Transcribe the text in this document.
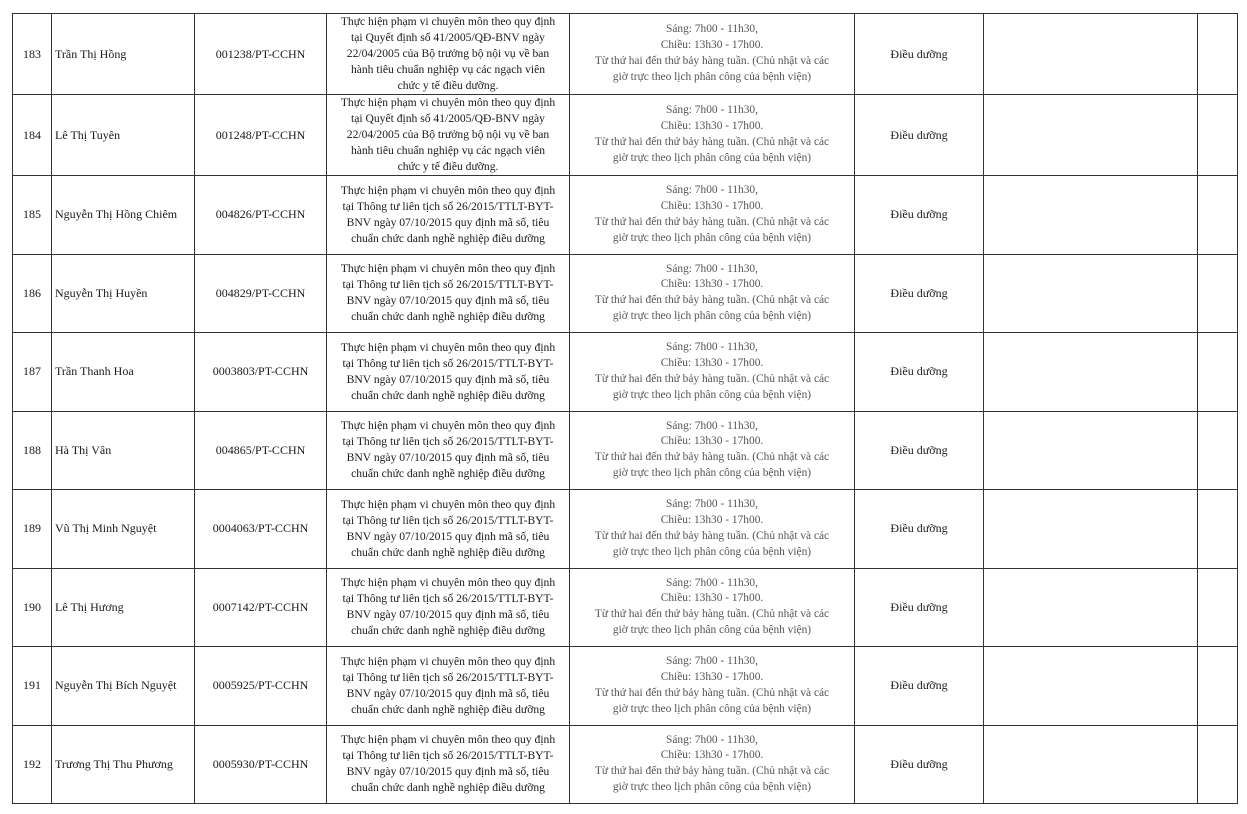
183	Trần Thị Hồng	001238/PT-CCHN	Thực hiện phạm vi chuyên môn theo quy định
tại Quyết định số 41/2005/QĐ-BNV ngày
22/04/2005 của Bộ trưởng bộ nội vụ về ban
hành tiêu chuẩn nghiệp vụ các ngạch viên
chức y tế điều dưỡng.	Sáng: 7h00 - 11h30,
Chiều: 13h30 - 17h00.
Từ thứ hai đến thứ bảy hàng tuần. (Chủ nhật và các
giờ trực theo lịch phân công của bệnh viện)	Điều dưỡng		
184	Lê Thị Tuyên	001248/PT-CCHN	Thực hiện phạm vi chuyên môn theo quy định
tại Quyết định số 41/2005/QĐ-BNV ngày
22/04/2005 của Bộ trưởng bộ nội vụ về ban
hành tiêu chuẩn nghiệp vụ các ngạch viên
chức y tế điều dưỡng.	Sáng: 7h00 - 11h30,
Chiều: 13h30 - 17h00.
Từ thứ hai đến thứ bảy hàng tuần. (Chủ nhật và các
giờ trực theo lịch phân công của bệnh viện)	Điều dưỡng		
185	Nguyễn Thị Hồng Chiêm	004826/PT-CCHN	Thực hiện phạm vi chuyên môn theo quy định
tại Thông tư liên tịch số 26/2015/TTLT-BYT-
BNV ngày 07/10/2015 quy định mã số, tiêu
chuẩn chức danh nghề nghiệp điều dưỡng	Sáng: 7h00 - 11h30,
Chiều: 13h30 - 17h00.
Từ thứ hai đến thứ bảy hàng tuần. (Chủ nhật và các
giờ trực theo lịch phân công của bệnh viện)	Điều dưỡng		
186	Nguyễn Thị Huyền	004829/PT-CCHN	Thực hiện phạm vi chuyên môn theo quy định
tại Thông tư liên tịch số 26/2015/TTLT-BYT-
BNV ngày 07/10/2015 quy định mã số, tiêu
chuẩn chức danh nghề nghiệp điều dưỡng	Sáng: 7h00 - 11h30,
Chiều: 13h30 - 17h00.
Từ thứ hai đến thứ bảy hàng tuần. (Chủ nhật và các
giờ trực theo lịch phân công của bệnh viện)	Điều dưỡng		
187	Trần Thanh Hoa	0003803/PT-CCHN	Thực hiện phạm vi chuyên môn theo quy định
tại Thông tư liên tịch số 26/2015/TTLT-BYT-
BNV ngày 07/10/2015 quy định mã số, tiêu
chuẩn chức danh nghề nghiệp điều dưỡng	Sáng: 7h00 - 11h30,
Chiều: 13h30 - 17h00.
Từ thứ hai đến thứ bảy hàng tuần. (Chủ nhật và các
giờ trực theo lịch phân công của bệnh viện)	Điều dưỡng		
188	Hà Thị Vân	004865/PT-CCHN	Thực hiện phạm vi chuyên môn theo quy định
tại Thông tư liên tịch số 26/2015/TTLT-BYT-
BNV ngày 07/10/2015 quy định mã số, tiêu
chuẩn chức danh nghề nghiệp điều dưỡng	Sáng: 7h00 - 11h30,
Chiều: 13h30 - 17h00.
Từ thứ hai đến thứ bảy hàng tuần. (Chủ nhật và các
giờ trực theo lịch phân công của bệnh viện)	Điều dưỡng		
189	Vũ Thị Minh Nguyệt	0004063/PT-CCHN	Thực hiện phạm vi chuyên môn theo quy định
tại Thông tư liên tịch số 26/2015/TTLT-BYT-
BNV ngày 07/10/2015 quy định mã số, tiêu
chuẩn chức danh nghề nghiệp điều dưỡng	Sáng: 7h00 - 11h30,
Chiều: 13h30 - 17h00.
Từ thứ hai đến thứ bảy hàng tuần. (Chủ nhật và các
giờ trực theo lịch phân công của bệnh viện)	Điều dưỡng		
190	Lê Thị Hương	0007142/PT-CCHN	Thực hiện phạm vi chuyên môn theo quy định
tại Thông tư liên tịch số 26/2015/TTLT-BYT-
BNV ngày 07/10/2015 quy định mã số, tiêu
chuẩn chức danh nghề nghiệp điều dưỡng	Sáng: 7h00 - 11h30,
Chiều: 13h30 - 17h00.
Từ thứ hai đến thứ bảy hàng tuần. (Chủ nhật và các
giờ trực theo lịch phân công của bệnh viện)	Điều dưỡng		
191	Nguyễn Thị Bích Nguyệt	0005925/PT-CCHN	Thực hiện phạm vi chuyên môn theo quy định
tại Thông tư liên tịch số 26/2015/TTLT-BYT-
BNV ngày 07/10/2015 quy định mã số, tiêu
chuẩn chức danh nghề nghiệp điều dưỡng	Sáng: 7h00 - 11h30,
Chiều: 13h30 - 17h00.
Từ thứ hai đến thứ bảy hàng tuần. (Chủ nhật và các
giờ trực theo lịch phân công của bệnh viện)	Điều dưỡng		
192	Trương Thị Thu Phương	0005930/PT-CCHN	Thực hiện phạm vi chuyên môn theo quy định
tại Thông tư liên tịch số 26/2015/TTLT-BYT-
BNV ngày 07/10/2015 quy định mã số, tiêu
chuẩn chức danh nghề nghiệp điều dưỡng	Sáng: 7h00 - 11h30,
Chiều: 13h30 - 17h00.
Từ thứ hai đến thứ bảy hàng tuần. (Chủ nhật và các
giờ trực theo lịch phân công của bệnh viện)	Điều dưỡng		
